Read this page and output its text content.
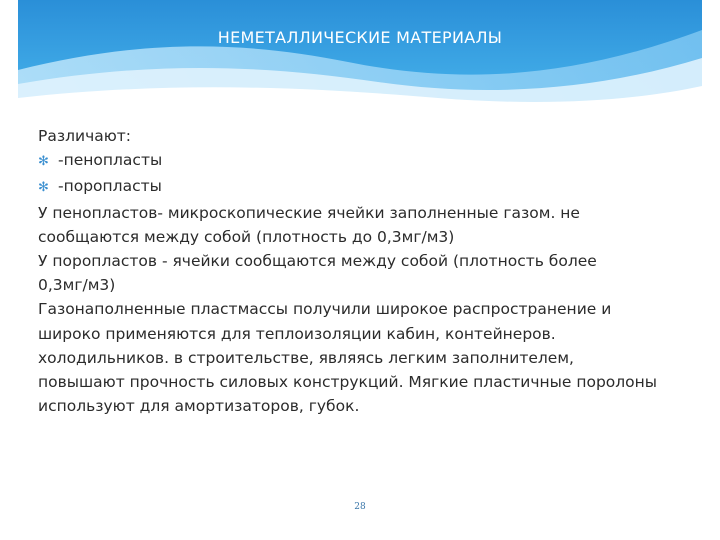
НЕМЕТАЛЛИЧЕСКИЕ МАТЕРИАЛЫ
Различают:
✻ -пенопласты
✻ -поропласты
У пенопластов- микроскопические ячейки заполненные газом. не
сообщаются между собой (плотность до 0,3мг/м3)
У поропластов - ячейки сообщаются между собой (плотность более
0,3мг/м3)
Газонаполненные пластмассы получили широкое распространение и
широко применяются для теплоизоляции кабин, контейнеров.
холодильников. в строительстве, являясь легким заполнителем,
повышают прочность силовых конструкций. Мягкие пластичные поролоны
используют для амортизаторов, губок.
28
